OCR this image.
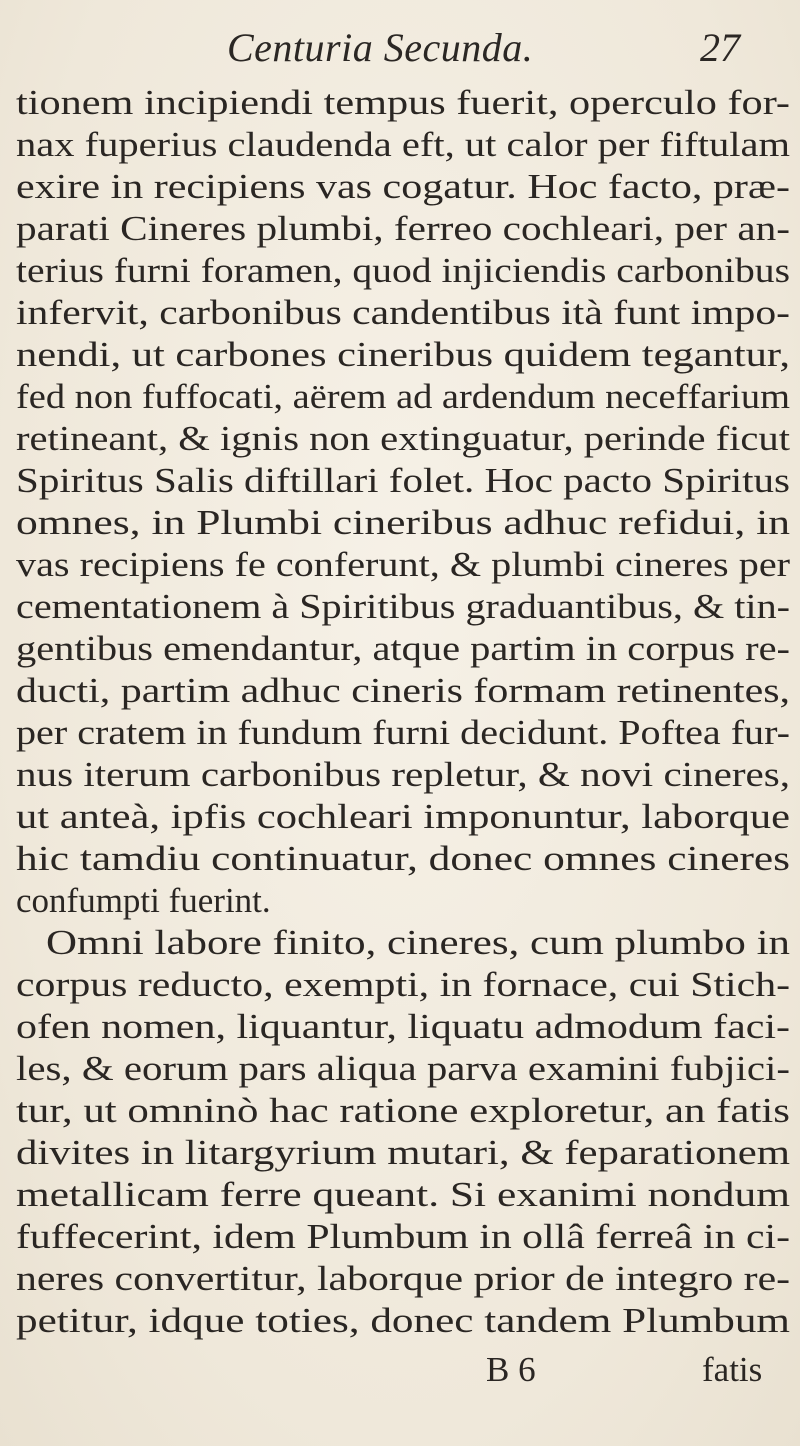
Centuria Secunda.	27
tionem incipiendi tempus fuerit, operculo for-
nax fuperius claudenda eft, ut calor per fiftulam
exire in recipiens vas cogatur. Hoc facto, præ-
parati Cineres plumbi, ferreo cochleari, per an-
terius furni foramen, quod injiciendis carbonibus
infervit, carbonibus candentibus ità funt impo-
nendi, ut carbones cineribus quidem tegantur,
fed non fuffocati, aërem ad ardendum neceffarium
retineant, & ignis non extinguatur, perinde ficut
Spiritus Salis diftillari folet. Hoc pacto Spiritus
omnes, in Plumbi cineribus adhuc refidui, in
vas recipiens fe conferunt, & plumbi cineres per
cementationem à Spiritibus graduantibus, & tin-
gentibus emendantur, atque partim in corpus re-
ducti, partim adhuc cineris formam retinentes,
per cratem in fundum furni decidunt. Poftea fur-
nus iterum carbonibus repletur, & novi cineres,
ut anteà, ipfis cochleari imponuntur, laborque
hic tamdiu continuatur, donec omnes cineres
confumpti fuerint.
Omni labore finito, cineres, cum plumbo in
corpus reducto, exempti, in fornace, cui Stich-
ofen nomen, liquantur, liquatu admodum faci-
les, & eorum pars aliqua parva examini fubjici-
tur, ut omninò hac ratione exploretur, an fatis
divites in litargyrium mutari, & feparationem
metallicam ferre queant. Si exanimi nondum
fuffecerint, idem Plumbum in ollâ ferreâ in ci-
neres convertitur, laborque prior de integro re-
petitur, idque toties, donec tandem Plumbum
B 6	fatis
